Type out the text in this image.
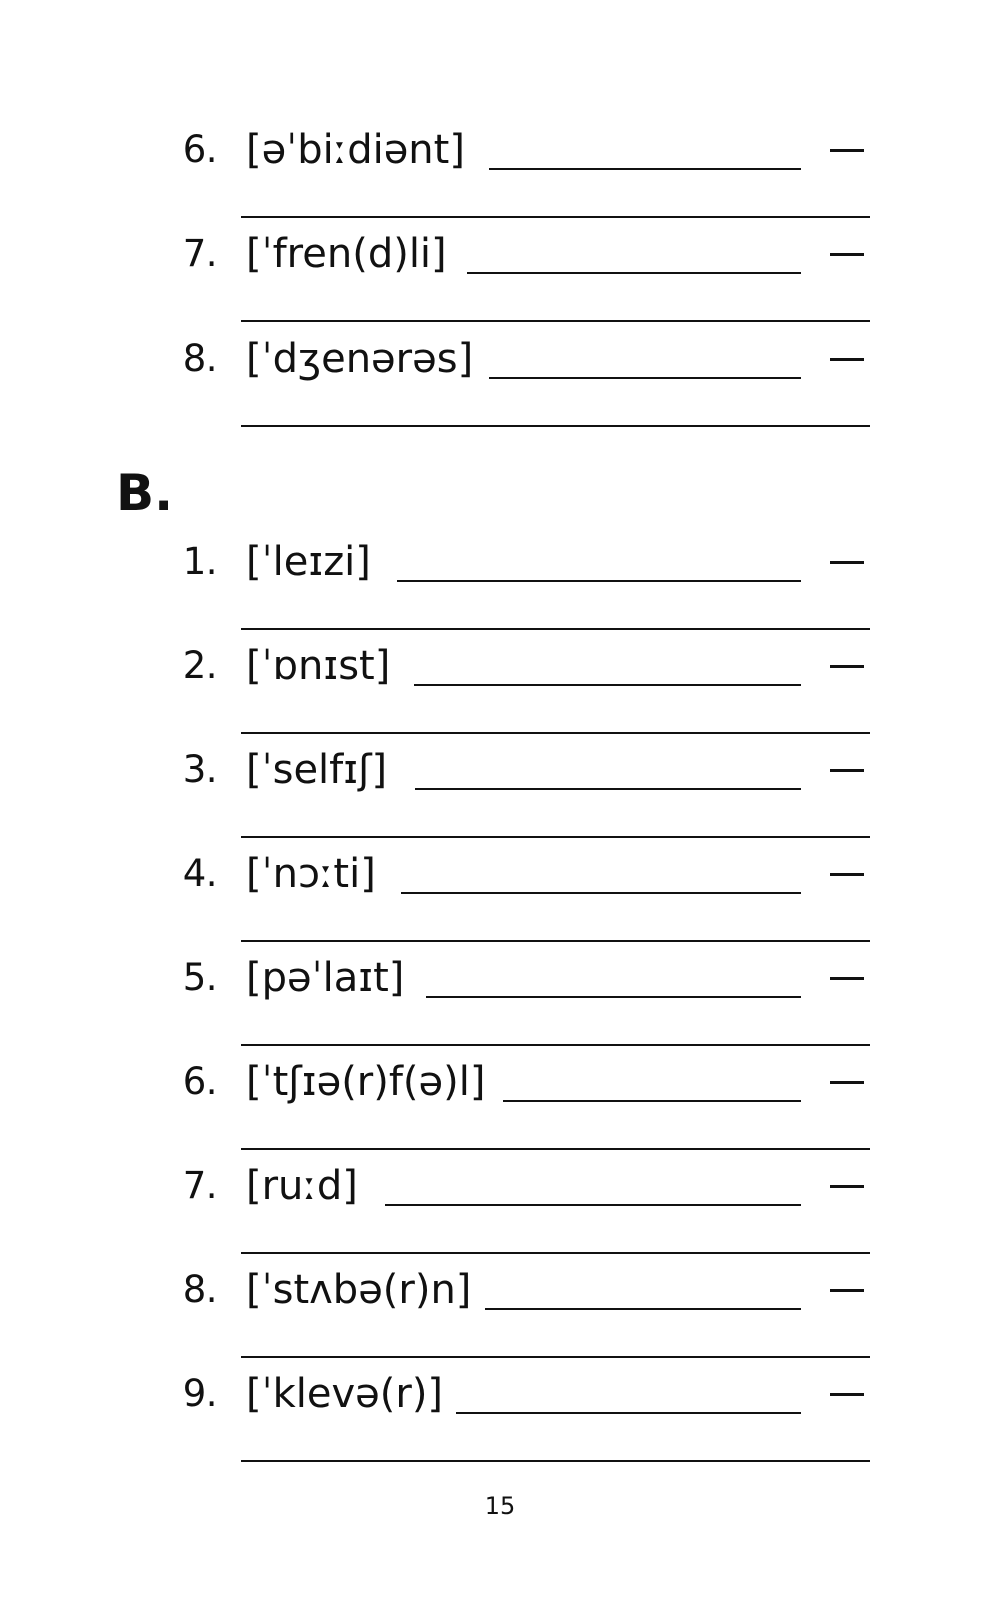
6. [əˈbiːdiənt]
7. [ˈfren(d)li]
8. [ˈdʒenərəs]
B.
1. [ˈleɪzi]
2. [ˈɒnɪst]
3. [ˈselfɪʃ]
4. [ˈnɔːti]
5. [pəˈlaɪt]
6. [ˈtʃɪə(r)f(ə)l]
7. [ruːd]
8. [ˈstʌbə(r)n]
9. [ˈklevə(r)]
15
